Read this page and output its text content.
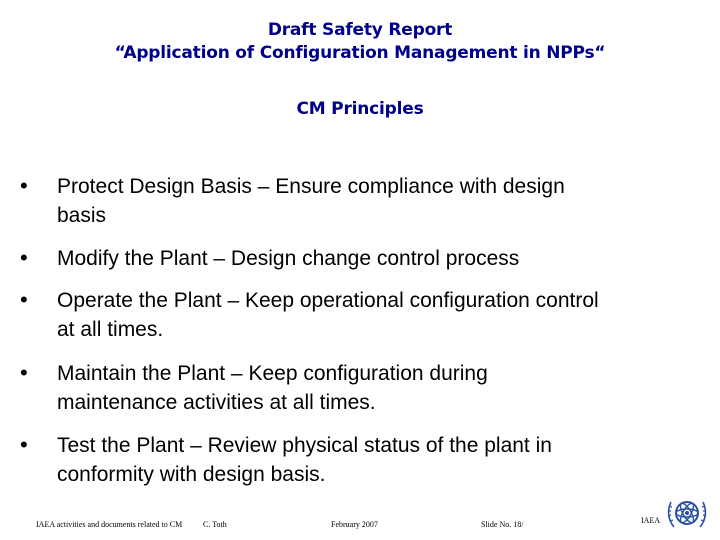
Draft Safety Report
“Application of Configuration Management in NPPs“
CM Principles
• Protect Design Basis – Ensure compliance with design

basis

• Modify the Plant – Design change control process

• Operate the Plant – Keep operational configuration control

at all times.

• Maintain the Plant – Keep configuration during

maintenance activities at all times.

• Test the Plant – Review physical status of the plant in

conformity with design basis.

IAEA activities and documents related to CM	C. Toth	February 2007	Slide No. 18/	IAEA
